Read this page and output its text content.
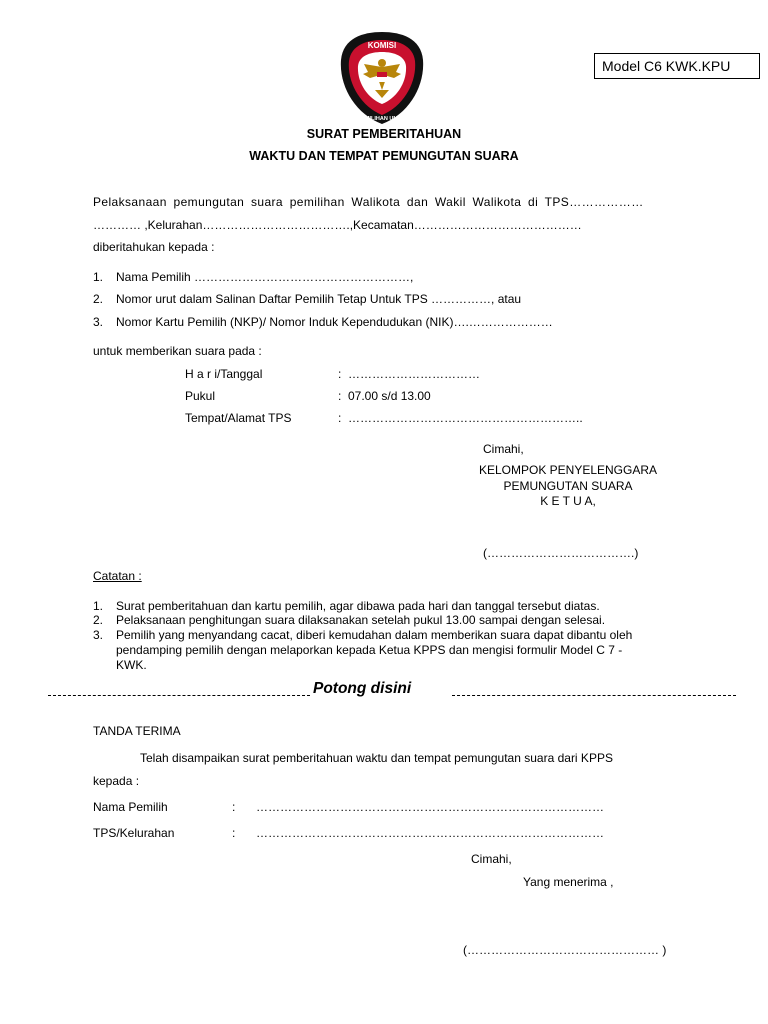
KOMISI
PEMILIHAN UMUM
Model C6 KWK.KPU
SURAT PEMBERITAHUAN
WAKTU DAN TEMPAT PEMUNGUTAN SUARA
Pelaksanaan pemungutan suara pemilihan Walikota dan Wakil Walikota di TPS………………
………… ,Kelurahan……………………………….,Kecamatan……………………………………
diberitahukan kepada :
1. Nama Pemilih ………………………………………………,
2. Nomor urut dalam Salinan Daftar Pemilih Tetap Untuk TPS ……………, atau
3. Nomor Kartu Pemilih (NKP)/ Nomor Induk Kependudukan (NIK)….…………………
untuk memberikan suara pada :
H a r i/Tanggal	: ……………………………
Pukul	: 07.00 s/d 13.00
Tempat/Alamat TPS	: …………………………………………………..
Cimahi,
KELOMPOK PENYELENGGARA
PEMUNGUTAN SUARA
K E T U A,
(……………………………….)
Catatan :
1. Surat pemberitahuan dan kartu pemilih, agar dibawa pada hari dan tanggal tersebut diatas.
2. Pelaksanaan penghitungan suara dilaksanakan setelah pukul 13.00 sampai dengan selesai.
3. Pemilih yang menyandang cacat, diberi kemudahan dalam memberikan suara dapat dibantu oleh
pendamping pemilih dengan melaporkan kepada Ketua KPPS dan mengisi formulir Model C 7 -
KWK.
Potong disini
TANDA TERIMA
Telah disampaikan surat pemberitahuan waktu dan tempat pemungutan suara dari KPPS
kepada :
Nama Pemilih	: ……………………………………………………………………………
TPS/Kelurahan	: ……………………………………………………………………………
Cimahi,
Yang menerima ,
(………………………………………… )
